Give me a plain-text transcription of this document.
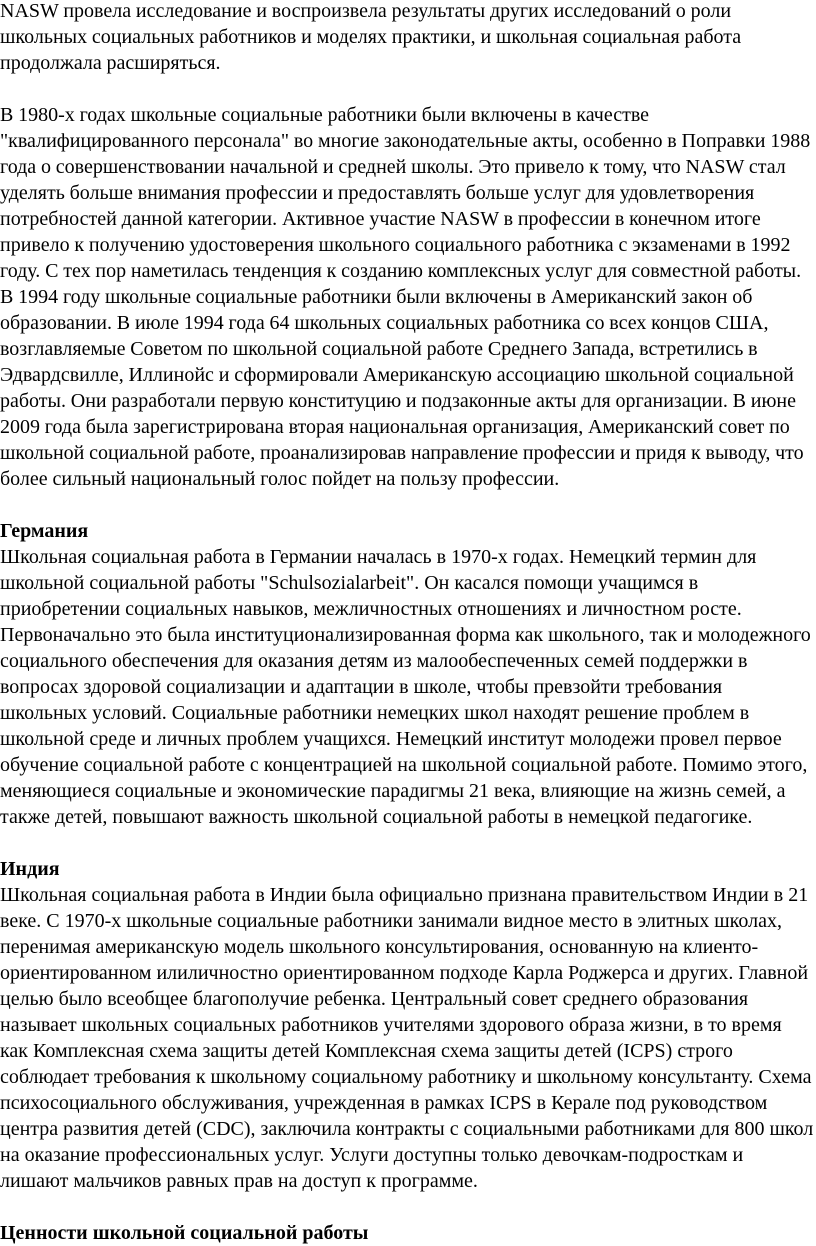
NASW провела исследование и воспроизвела результаты других исследований о роли школьных социальных работников и моделях практики, и школьная социальная работа продолжала расширяться.

В 1980-х годах школьные социальные работники были включены в качестве "квалифицированного персонала" во многие законодательные акты, особенно в Поправки 1988 года о совершенствовании начальной и средней школы. Это привело к тому, что NASW стал уделять больше внимания профессии и предоставлять больше услуг для удовлетворения потребностей данной категории. Активное участие NASW в профессии в конечном итоге привело к получению удостоверения школьного социального работника с экзаменами в 1992 году. С тех пор наметилась тенденция к созданию комплексных услуг для совместной работы. В 1994 году школьные социальные работники были включены в Американский закон об образовании. В июле 1994 года 64 школьных социальных работника со всех концов США, возглавляемые Советом по школьной социальной работе Среднего Запада, встретились в Эдвардсвилле, Иллинойс и сформировали Американскую ассоциацию школьной социальной работы. Они разработали первую конституцию и подзаконные акты для организации. В июне 2009 года была зарегистрирована вторая национальная организация, Американский совет по школьной социальной работе, проанализировав направление профессии и придя к выводу, что более сильный национальный голос пойдет на пользу профессии.

Германия

Школьная социальная работа в Германии началась в 1970-х годах. Немецкий термин для школьной социальной работы "Schulsozialarbeit". Он касался помощи учащимся в приобретении социальных навыков, межличностных отношениях и личностном росте. Первоначально это была институционализированная форма как школьного, так и молодежного социального обеспечения для оказания детям из малообеспеченных семей поддержки в вопросах здоровой социализации и адаптации в школе, чтобы превзойти требования школьных условий. Социальные работники немецких школ находят решение проблем в школьной среде и личных проблем учащихся. Немецкий институт молодежи провел первое обучение социальной работе с концентрацией на школьной социальной работе. Помимо этого, меняющиеся социальные и экономические парадигмы 21 века, влияющие на жизнь семей, а также детей, повышают важность школьной социальной работы в немецкой педагогике.

Индия

Школьная социальная работа в Индии была официально признана правительством Индии в 21 веке. С 1970-х школьные социальные работники занимали видное место в элитных школах, перенимая американскую модель школьного консультирования, основанную на клиенто-ориентированном илиличностно ориентированном подходе Карла Роджерса и других. Главной целью было всеобщее благополучие ребенка. Центральный совет среднего образования называет школьных социальных работников учителями здорового образа жизни, в то время как Комплексная схема защиты детей Комплексная схема защиты детей (ICPS) строго соблюдает требования к школьному социальному работнику и школьному консультанту. Схема психосоциального обслуживания, учрежденная в рамках ICPS в Керале под руководством центра развития детей (CDC), заключила контракты с социальными работниками для 800 школ на оказание профессиональных услуг. Услуги доступны только девочкам-подросткам и лишают мальчиков равных прав на доступ к программе.

Ценности школьной социальной работы
